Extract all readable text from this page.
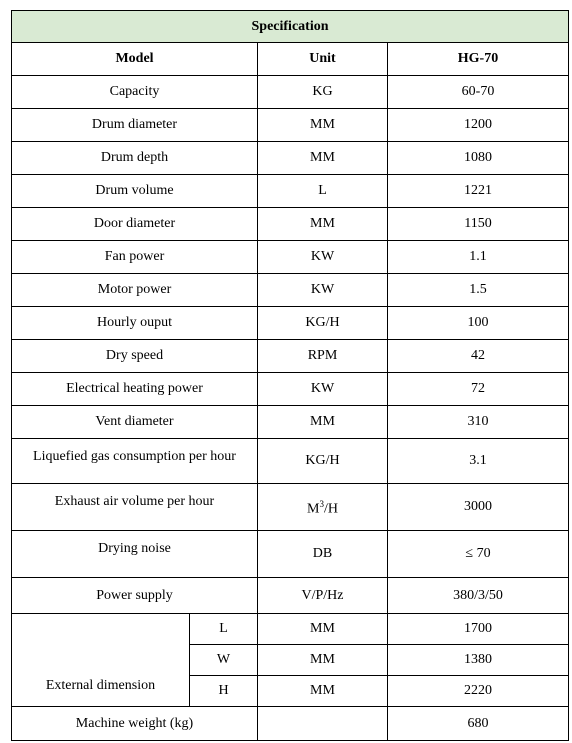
Specification			
Model		Unit	HG-70
Capacity		KG	60-70
Drum diameter		MM	1200
Drum depth		MM	1080
Drum volume		L	1221
Door diameter		MM	1150
Fan power		KW	1.1
Motor power		KW	1.5
Hourly ouput		KG/H	100
Dry speed		RPM	42
Electrical heating power		KW	72
Vent diameter		MM	310
Liquefied gas consumption per hour		KG/H	3.1
Exhaust air volume per hour		$M^3/H$	3000
Drying noise		DB	≤ 70
Power supply		V/P/Hz	380/3/50
External dimension	L	MM	1700
	W	MM	1380
	H	MM	2220
Machine weight (kg)			680
